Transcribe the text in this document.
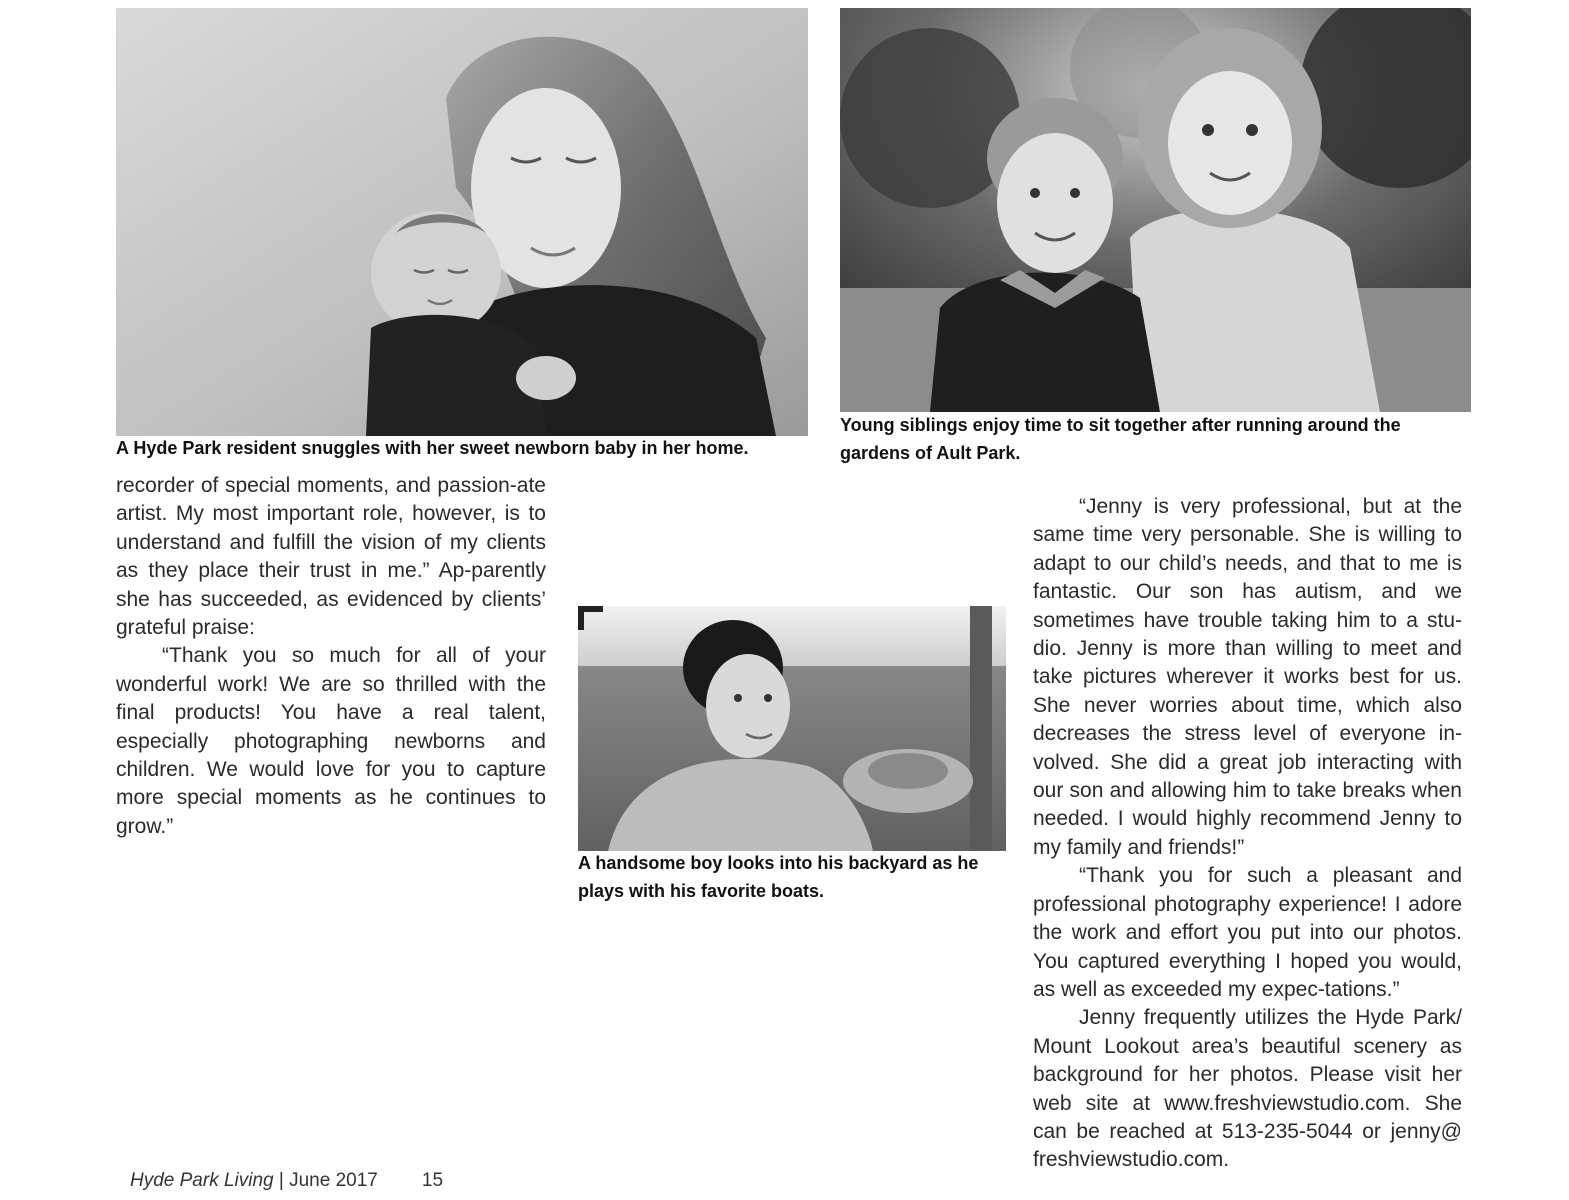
A Hyde Park resident snuggles with her sweet newborn baby in her home.

Young siblings enjoy time to sit together after running around the gardens of Ault Park.

recorder of special moments, and passion-ate artist. My most important role, however, is to understand and fulfill the vision of my clients as they place their trust in me.” Ap-parently she has succeeded, as evidenced by clients’ grateful praise:

“Thank you so much for all of your wonderful work! We are so thrilled with the final products! You have a real talent, especially photographing newborns and children. We would love for you to capture more special moments as he continues to grow.”

A handsome boy looks into his backyard as he plays with his favorite boats.

“Jenny is very professional, but at the same time very personable. She is willing to adapt to our child’s needs, and that to me is fantastic. Our son has autism, and we sometimes have trouble taking him to a stu-dio. Jenny is more than willing to meet and take pictures wherever it works best for us. She never worries about time, which also decreases the stress level of everyone in-volved. She did a great job interacting with our son and allowing him to take breaks when needed. I would highly recommend Jenny to my family and friends!”

“Thank you for such a pleasant and professional photography experience! I adore the work and effort you put into our photos. You captured everything I hoped you would, as well as exceeded my expec-tations.”

Jenny frequently utilizes the Hyde Park/ Mount Lookout area’s beautiful scenery as background for her photos. Please visit her web site at www.freshviewstudio.com. She can be reached at 513-235-5044 or jenny@ freshviewstudio.com.

Hyde Park Living | June 2017 15
